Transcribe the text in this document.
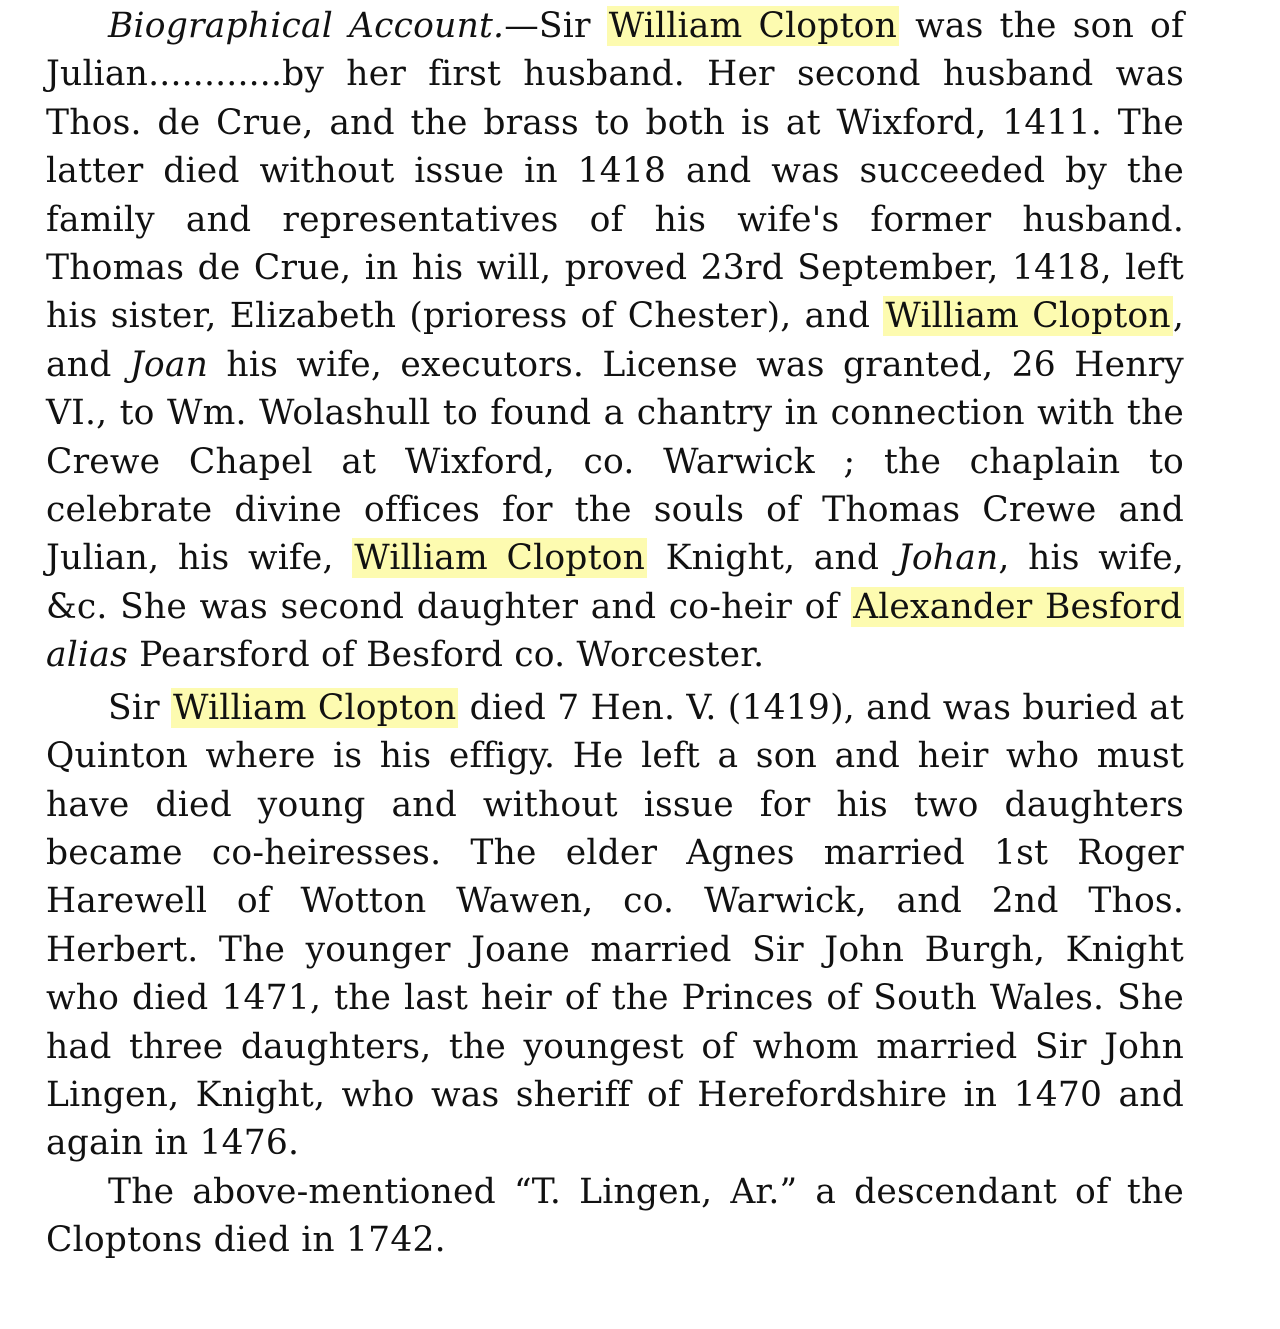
Biographical Account.—Sir William Clopton was the son of Julian............by her first husband. Her second husband was Thos. de Crue, and the brass to both is at Wixford, 1411. The latter died without issue in 1418 and was succeeded by the family and representatives of his wife's former husband. Thomas de Crue, in his will, proved 23rd September, 1418, left his sister, Elizabeth (prioress of Chester), and William Clopton, and Joan his wife, executors. License was granted, 26 Henry VI., to Wm. Wolashull to found a chantry in connection with the Crewe Chapel at Wixford, co. Warwick ; the chaplain to celebrate divine offices for the souls of Thomas Crewe and Julian, his wife, William Clopton Knight, and Johan, his wife, &c. She was second daughter and co-heir of Alexander Besford alias Pearsford of Besford co. Worcester.

Sir William Clopton died 7 Hen. V. (1419), and was buried at Quinton where is his effigy. He left a son and heir who must have died young and without issue for his two daughters became co-heiresses. The elder Agnes married 1st Roger Harewell of Wotton Wawen, co. Warwick, and 2nd Thos. Herbert. The younger Joane married Sir John Burgh, Knight who died 1471, the last heir of the Princes of South Wales. She had three daughters, the youngest of whom married Sir John Lingen, Knight, who was sheriff of Herefordshire in 1470 and again in 1476.

The above-mentioned “T. Lingen, Ar.” a descendant of the Cloptons died in 1742.
